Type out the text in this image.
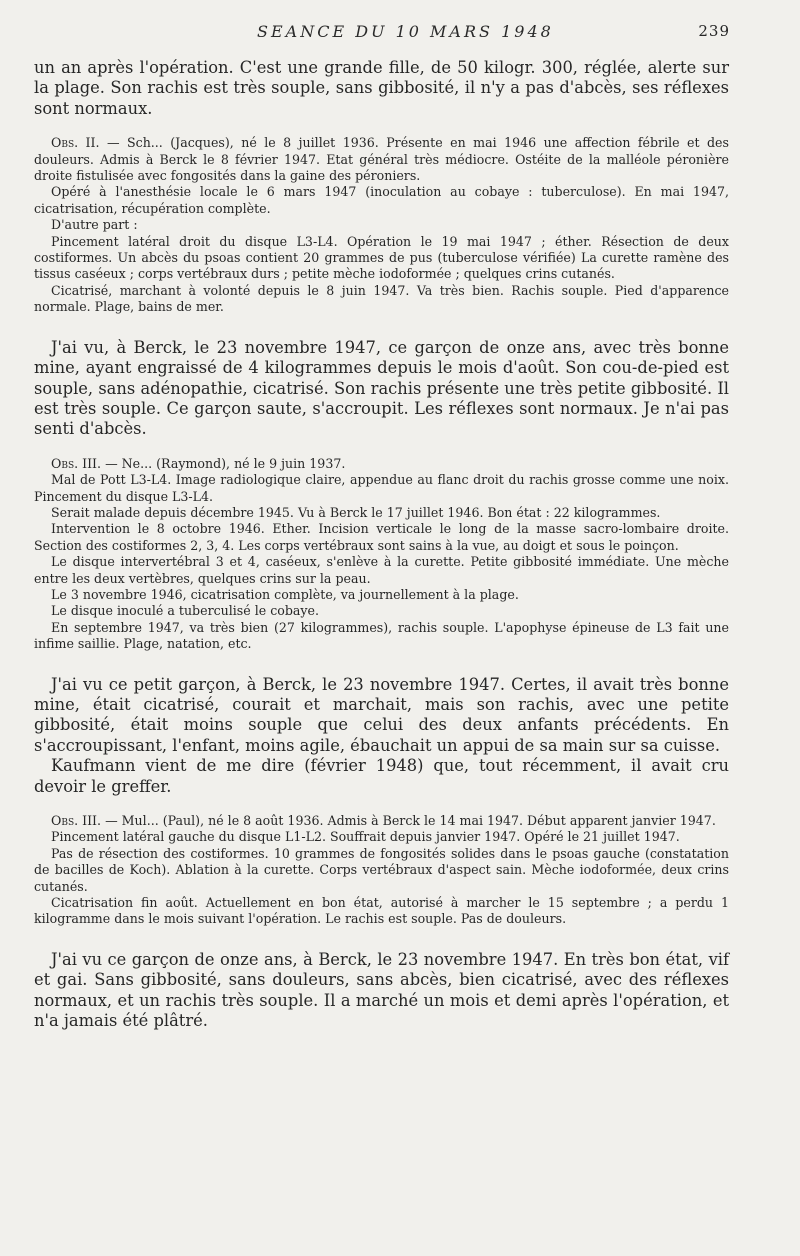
SEANCE DU 10 MARS 1948	239

un an après l'opération. C'est une grande fille, de 50 kilogr. 300, réglée, alerte sur la plage. Son rachis est très souple, sans gibbosité, il n'y a pas d'abcès, ses réflexes sont normaux.

Obs. II. — Sch... (Jacques), né le 8 juillet 1936. Présente en mai 1946 une affection fébrile et des douleurs. Admis à Berck le 8 février 1947. Etat général très médiocre. Ostéite de la malléole péronière droite fistulisée avec fongosités dans la gaine des péroniers.

Opéré à l'anesthésie locale le 6 mars 1947 (inoculation au cobaye : tuberculose). En mai 1947, cicatrisation, récupération complète.

D'autre part :

Pincement latéral droit du disque L3-L4. Opération le 19 mai 1947 ; éther. Résection de deux costiformes. Un abcès du psoas contient 20 grammes de pus (tuberculose vérifiée) La curette ramène des tissus caséeux ; corps vertébraux durs ; petite mèche iodoformée ; quelques crins cutanés.

Cicatrisé, marchant à volonté depuis le 8 juin 1947. Va très bien. Rachis souple. Pied d'apparence normale. Plage, bains de mer.

J'ai vu, à Berck, le 23 novembre 1947, ce garçon de onze ans, avec très bonne mine, ayant engraissé de 4 kilogrammes depuis le mois d'août. Son cou-de-pied est souple, sans adénopathie, cicatrisé. Son rachis présente une très petite gibbosité. Il est très souple. Ce garçon saute, s'accroupit. Les réflexes sont normaux. Je n'ai pas senti d'abcès.

Obs. III. — Ne... (Raymond), né le 9 juin 1937.

Mal de Pott L3-L4. Image radiologique claire, appendue au flanc droit du rachis grosse comme une noix. Pincement du disque L3-L4.

Serait malade depuis décembre 1945. Vu à Berck le 17 juillet 1946. Bon état : 22 kilogrammes.

Intervention le 8 octobre 1946. Ether. Incision verticale le long de la masse sacro-lombaire droite. Section des costiformes 2, 3, 4. Les corps vertébraux sont sains à la vue, au doigt et sous le poinçon.

Le disque intervertébral 3 et 4, caséeux, s'enlève à la curette. Petite gibbosité immédiate. Une mèche entre les deux vertèbres, quelques crins sur la peau.

Le 3 novembre 1946, cicatrisation complète, va journellement à la plage.

Le disque inoculé a tuberculisé le cobaye.

En septembre 1947, va très bien (27 kilogrammes), rachis souple. L'apophyse épineuse de L3 fait une infime saillie. Plage, natation, etc.

J'ai vu ce petit garçon, à Berck, le 23 novembre 1947. Certes, il avait très bonne mine, était cicatrisé, courait et marchait, mais son rachis, avec une petite gibbosité, était moins souple que celui des deux anfants précédents. En s'accroupissant, l'enfant, moins agile, ébauchait un appui de sa main sur sa cuisse.

Kaufmann vient de me dire (février 1948) que, tout récemment, il avait cru devoir le greffer.

Obs. III. — Mul... (Paul), né le 8 août 1936. Admis à Berck le 14 mai 1947. Début apparent janvier 1947.

Pincement latéral gauche du disque L1-L2. Souffrait depuis janvier 1947. Opéré le 21 juillet 1947.

Pas de résection des costiformes. 10 grammes de fongosités solides dans le psoas gauche (constatation de bacilles de Koch). Ablation à la curette. Corps vertébraux d'aspect sain. Mèche iodoformée, deux crins cutanés.

Cicatrisation fin août. Actuellement en bon état, autorisé à marcher le 15 septembre ; a perdu 1 kilogramme dans le mois suivant l'opération. Le rachis est souple. Pas de douleurs.

J'ai vu ce garçon de onze ans, à Berck, le 23 novembre 1947. En très bon état, vif et gai. Sans gibbosité, sans douleurs, sans abcès, bien cicatrisé, avec des réflexes normaux, et un rachis très souple. Il a marché un mois et demi après l'opération, et n'a jamais été plâtré.
